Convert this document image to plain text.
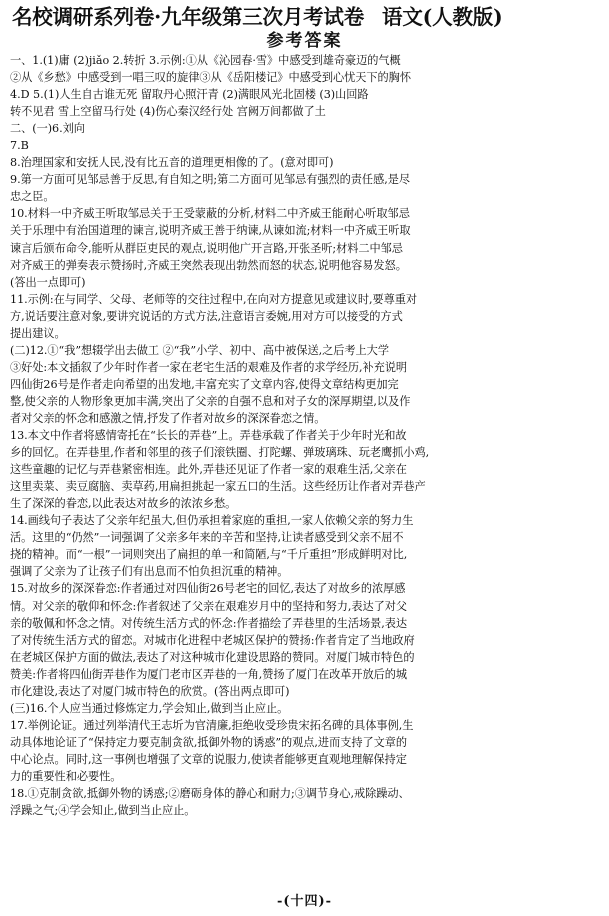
名校调研系列卷·九年级第三次月考试卷 语文(人教版)
参考答案
一、1.(1)庸 (2)jiǎo 2.转折 3.示例:①从《沁园春·雪》中感受到雄奇豪迈的气概
②从《乡愁》中感受到一唱三叹的旋律③从《岳阳楼记》中感受到心忧天下的胸怀
4.D 5.(1)人生自古谁无死 留取丹心照汗青 (2)满眼风光北固楼 (3)山回路
转不见君 雪上空留马行处 (4)伤心秦汉经行处 宫阙万间都做了土
二、(一)6.刘向
7.B
8.治理国家和安抚人民,没有比五音的道理更相像的了。(意对即可)
9.第一方面可见邹忌善于反思,有自知之明;第二方面可见邹忌有强烈的责任感,是尽
忠之臣。
10.材料一中齐威王听取邹忌关于王受蒙蔽的分析,材料二中齐威王能耐心听取邹忌
关于乐理中有治国道理的谏言,说明齐威王善于纳谏,从谏如流;材料一中齐威王听取
谏言后颁布命令,能听从群臣吏民的观点,说明他广开言路,开张圣听;材料二中邹忌
对齐威王的弹奏表示赞扬时,齐威王突然表现出勃然而怒的状态,说明他容易发怒。
(答出一点即可)
11.示例:在与同学、父母、老师等的交往过程中,在向对方提意见或建议时,要尊重对
方,说话要注意对象,要讲究说话的方式方法,注意语言委婉,用对方可以接受的方式
提出建议。
(二)12.①“我”想辍学出去做工 ②“我”小学、初中、高中被保送,之后考上大学
③好处:本文插叙了少年时作者一家在老宅生活的艰难及作者的求学经历,补充说明
四仙街26号是作者走向希望的出发地,丰富充实了文章内容,使得文章结构更加完
整,使父亲的人物形象更加丰满,突出了父亲的自强不息和对子女的深厚期望,以及作
者对父亲的怀念和感激之情,抒发了作者对故乡的深深眷恋之情。
13.本文中作者将感情寄托在“长长的弄巷”上。弄巷承载了作者关于少年时光和故
乡的回忆。在弄巷里,作者和邻里的孩子们滚铁圈、打陀螺、弹玻璃珠、玩老鹰抓小鸡,
这些童趣的记忆与弄巷紧密相连。此外,弄巷还见证了作者一家的艰难生活,父亲在
这里卖菜、卖豆腐脑、卖草药,用扁担挑起一家五口的生活。这些经历让作者对弄巷产
生了深深的眷恋,以此表达对故乡的浓浓乡愁。
14.画线句子表达了父亲年纪虽大,但仍承担着家庭的重担,一家人依赖父亲的努力生
活。这里的“仍然”一词强调了父亲多年来的辛苦和坚持,让读者感受到父亲不屈不
挠的精神。而“一根”一词则突出了扁担的单一和简陋,与“千斤重担”形成鲜明对比,
强调了父亲为了让孩子们有出息而不怕负担沉重的精神。
15.对故乡的深深眷恋:作者通过对四仙街26号老宅的回忆,表达了对故乡的浓厚感
情。对父亲的敬仰和怀念:作者叙述了父亲在艰难岁月中的坚持和努力,表达了对父
亲的敬佩和怀念之情。对传统生活方式的怀念:作者描绘了弄巷里的生活场景,表达
了对传统生活方式的留恋。对城市化进程中老城区保护的赞扬:作者肯定了当地政府
在老城区保护方面的做法,表达了对这种城市化建设思路的赞同。对厦门城市特色的
赞美:作者将四仙街弄巷作为厦门老市区弄巷的一角,赞扬了厦门在改革开放后的城
市化建设,表达了对厦门城市特色的欣赏。(答出两点即可)
(三)16.个人应当通过修炼定力,学会知止,做到当止应止。
17.举例论证。通过列举清代王志圻为官清廉,拒绝收受珍贵宋拓名碑的具体事例,生
动具体地论证了“保持定力要克制贪欲,抵御外物的诱惑”的观点,进而支持了文章的
中心论点。同时,这一事例也增强了文章的说服力,使读者能够更直观地理解保持定
力的重要性和必要性。
18.①克制贪欲,抵御外物的诱惑;②磨砺身体的静心和耐力;③调节身心,戒除躁动、
浮躁之气;④学会知止,做到当止应止。
-(十四)-
